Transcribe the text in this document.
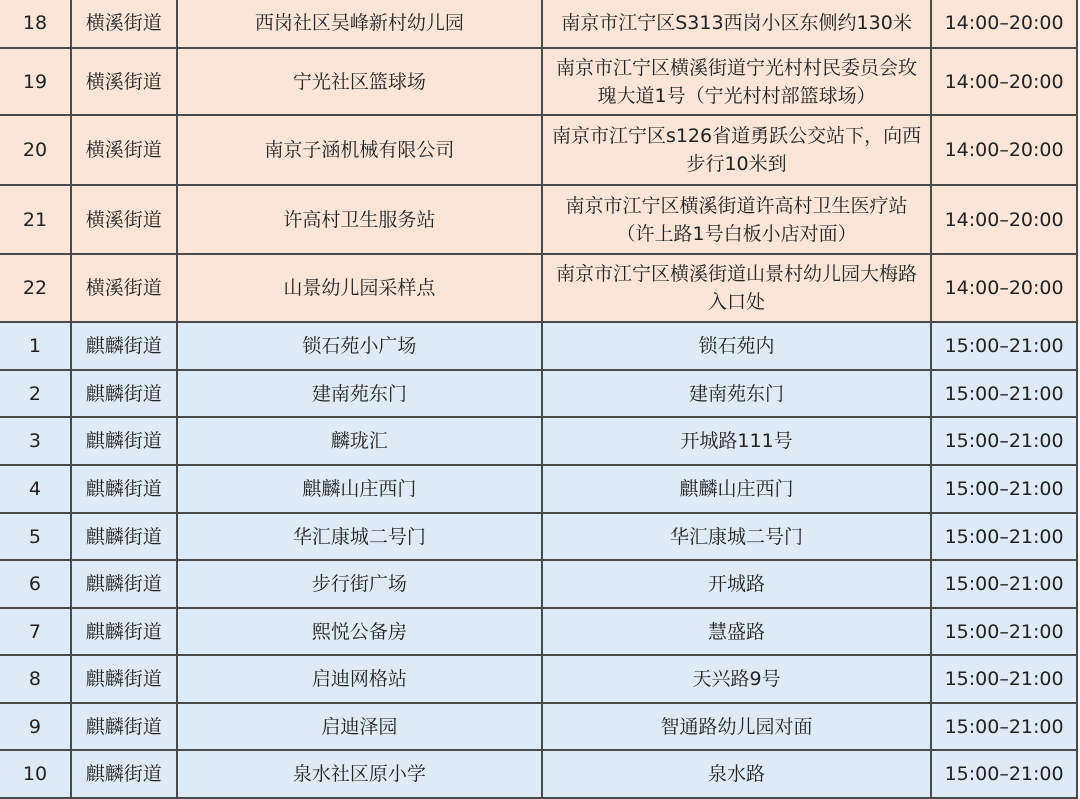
18	横溪街道	西岗社区吴峰新村幼儿园	南京市江宁区S313西岗小区东侧约130米	14:00–20:00
19	横溪街道	宁光社区篮球场	南京市江宁区横溪街道宁光村村民委员会玫瑰大道1号（宁光村村部篮球场）	14:00–20:00
20	横溪街道	南京子涵机械有限公司	南京市江宁区s126省道勇跃公交站下，向西步行10米到	14:00–20:00
21	横溪街道	许高村卫生服务站	南京市江宁区横溪街道许高村卫生医疗站（许上路1号白板小店对面）	14:00–20:00
22	横溪街道	山景幼儿园采样点	南京市江宁区横溪街道山景村幼儿园大梅路入口处	14:00–20:00
1	麒麟街道	锁石苑小广场	锁石苑内	15:00–21:00
2	麒麟街道	建南苑东门	建南苑东门	15:00–21:00
3	麒麟街道	麟珑汇	开城路111号	15:00–21:00
4	麒麟街道	麒麟山庄西门	麒麟山庄西门	15:00–21:00
5	麒麟街道	华汇康城二号门	华汇康城二号门	15:00–21:00
6	麒麟街道	步行街广场	开城路	15:00–21:00
7	麒麟街道	熙悦公备房	慧盛路	15:00–21:00
8	麒麟街道	启迪网格站	天兴路9号	15:00–21:00
9	麒麟街道	启迪泽园	智通路幼儿园对面	15:00–21:00
10	麒麟街道	泉水社区原小学	泉水路	15:00–21:00
